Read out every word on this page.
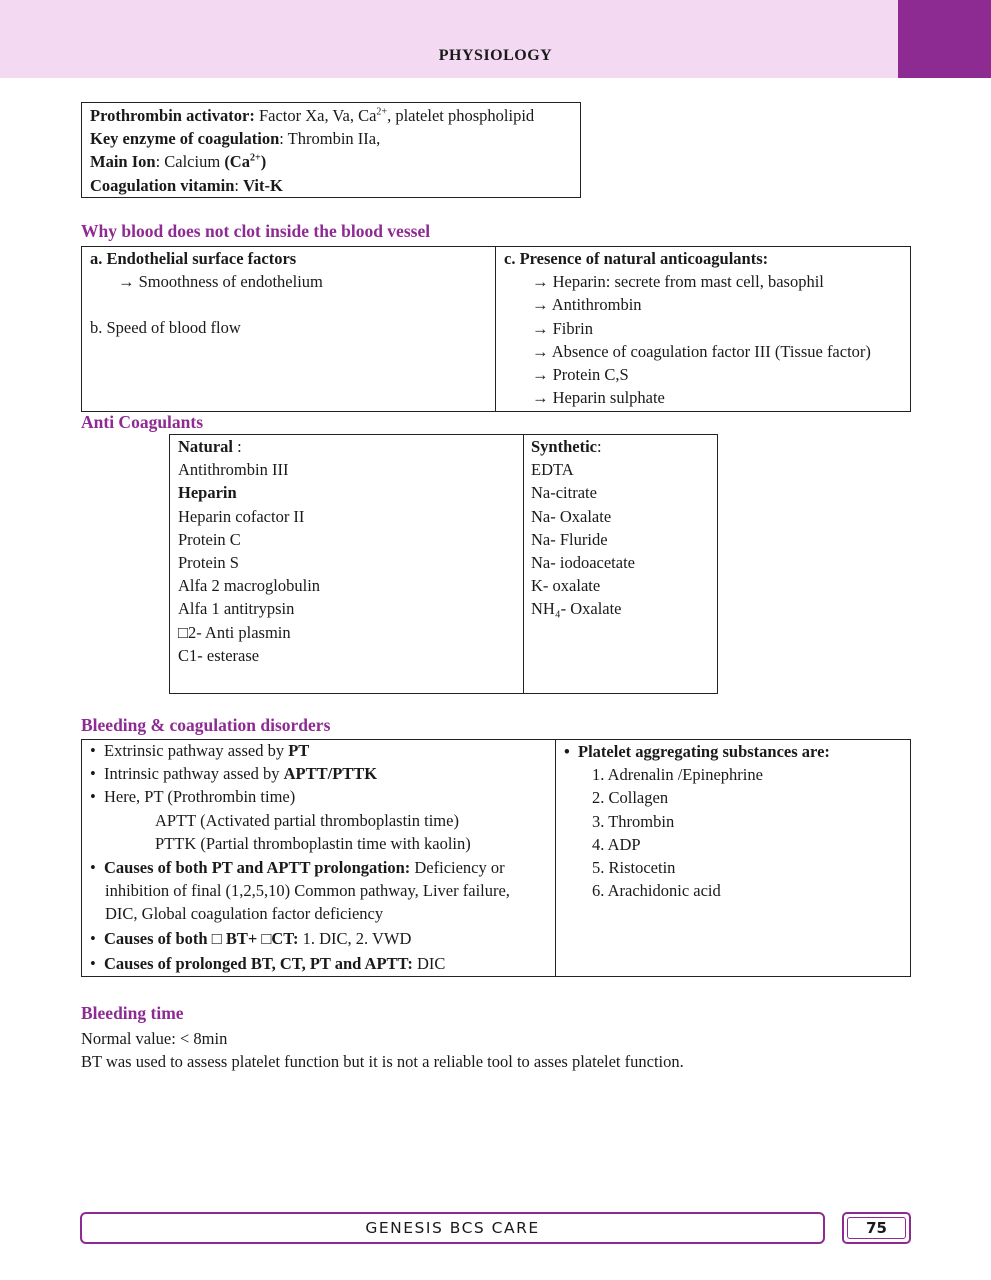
PHYSIOLOGY
Prothrombin activator: Factor Xa, Va, $Ca^{2+}$, platelet phospholipid
Key enzyme of coagulation: Thrombin IIa,
Main Ion: Calcium $(Ca^{2+})$
Coagulation vitamin: Vit-K
Why blood does not clot inside the blood vessel
a. Endothelial surface factors
→ Smoothness of endothelium
b. Speed of blood flow
c. Presence of natural anticoagulants:
→ Heparin: secrete from mast cell, basophil
→ Antithrombin
→ Fibrin
→ Absence of coagulation factor III (Tissue factor)
→ Protein C,S
→ Heparin sulphate
Anti Coagulants
Natural :
Antithrombin III
Heparin
Heparin cofactor II
Protein C
Protein S
Alfa 2 macroglobulin
Alfa 1 antitrypsin
□2- Anti plasmin
C1- esterase
Synthetic:
EDTA
Na-citrate
Na- Oxalate
Na- Fluride
Na- iodoacetate
K- oxalate
NH₄- Oxalate
Bleeding & coagulation disorders
• Extrinsic pathway assed by PT
• Intrinsic pathway assed by APTT/PTTK
• Here, PT (Prothrombin time)
APTT (Activated partial thromboplastin time)
PTTK (Partial thromboplastin time with kaolin)
• Causes of both PT and APTT prolongation: Deficiency or
inhibition of final (1,2,5,10) Common pathway, Liver failure,
DIC, Global coagulation factor deficiency
• Causes of both □ BT+ □CT: 1. DIC, 2. VWD
• Causes of prolonged BT, CT, PT and APTT: DIC
• Platelet aggregating substances are:
1. Adrenalin /Epinephrine
2. Collagen
3. Thrombin
4. ADP
5. Ristocetin
6. Arachidonic acid
Bleeding time
Normal value: < 8min
BT was used to assess platelet function but it is not a reliable tool to asses platelet function.
GENESIS BCS CARE	75
